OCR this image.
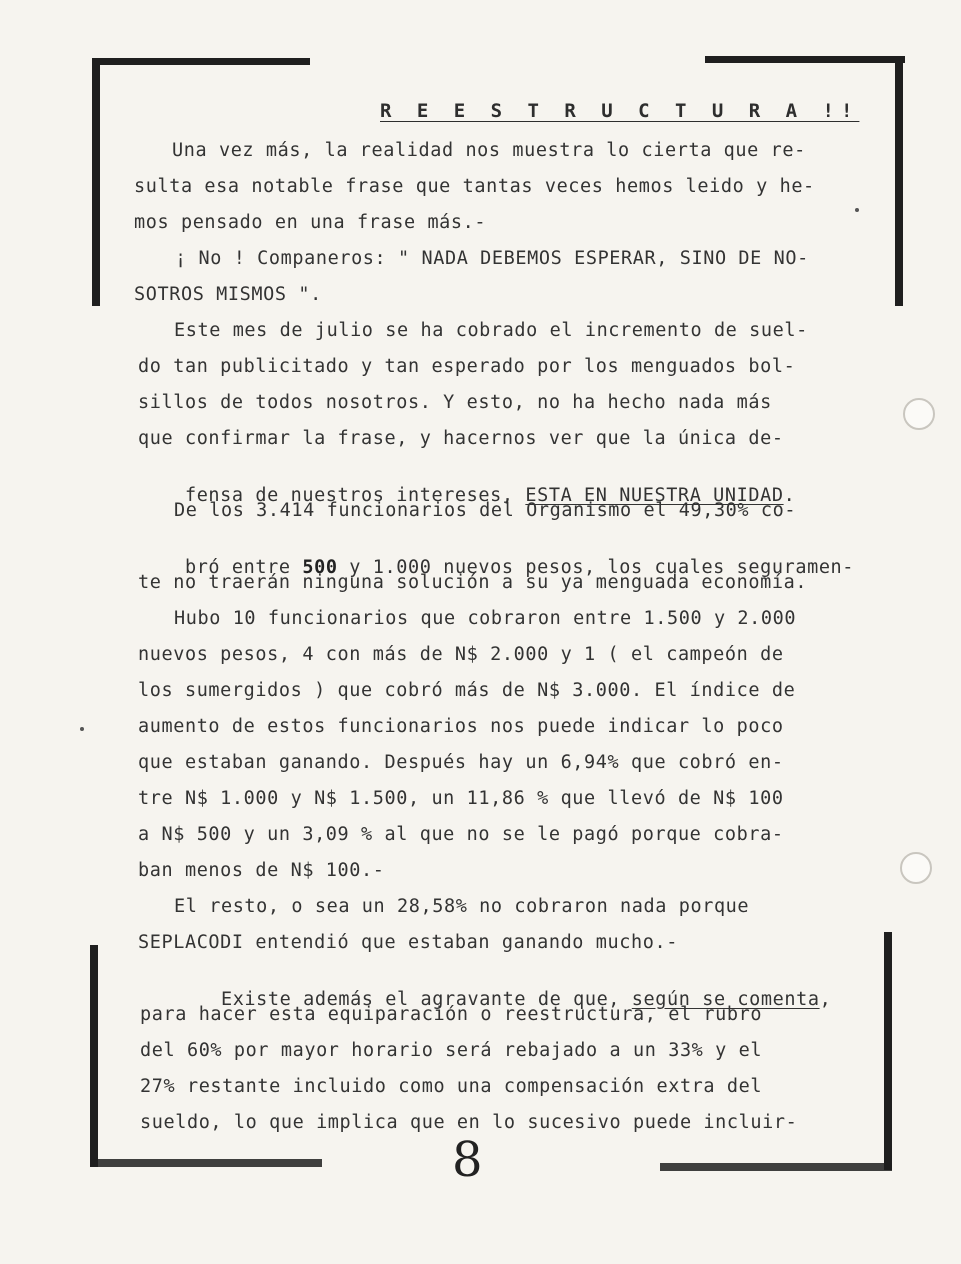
R E E S T R U C T U R A !!
Una vez más, la realidad nos muestra lo cierta que re-
sulta esa notable frase que tantas veces hemos leido y he-
mos pensado en una frase más.-
¡ No ! Companeros: " NADA DEBEMOS ESPERAR, SINO DE NO-
SOTROS MISMOS ".
Este mes de julio se ha cobrado el incremento de suel-
do tan publicitado y tan esperado por los menguados bol-
sillos de todos nosotros. Y esto, no ha hecho nada más
que confirmar la frase, y hacernos ver que la única de-

fensa de nuestros intereses, ESTA EN NUESTRA UNIDAD.

De los 3.414 funcionarios del Organismo el 49,30% co-

bró entre 500 y 1.000 nuevos pesos, los cuales seguramen-

te no traerán ninguna solución a su ya menguada economía.
Hubo 10 funcionarios que cobraron entre 1.500 y 2.000
nuevos pesos, 4 con más de N$ 2.000 y 1 ( el campeón de
los sumergidos ) que cobró más de N$ 3.000. El índice de
aumento de estos funcionarios nos puede indicar lo poco
que estaban ganando. Después hay un 6,94% que cobró en-
tre N$ 1.000 y N$ 1.500, un 11,86 % que llevó de N$ 100
a N$ 500 y un 3,09 % al que no se le pagó porque cobra-
ban menos de N$ 100.-
El resto, o sea un 28,58% no cobraron nada porque
SEPLACODI entendió que estaban ganando mucho.-

Existe además el agravante de que, según se comenta,

para hacer esta equiparación o reestructura, el rubro
del 60% por mayor horario será rebajado a un 33% y el
27% restante incluido como una compensación extra del
sueldo, lo que implica que en lo sucesivo puede incluir-
8
